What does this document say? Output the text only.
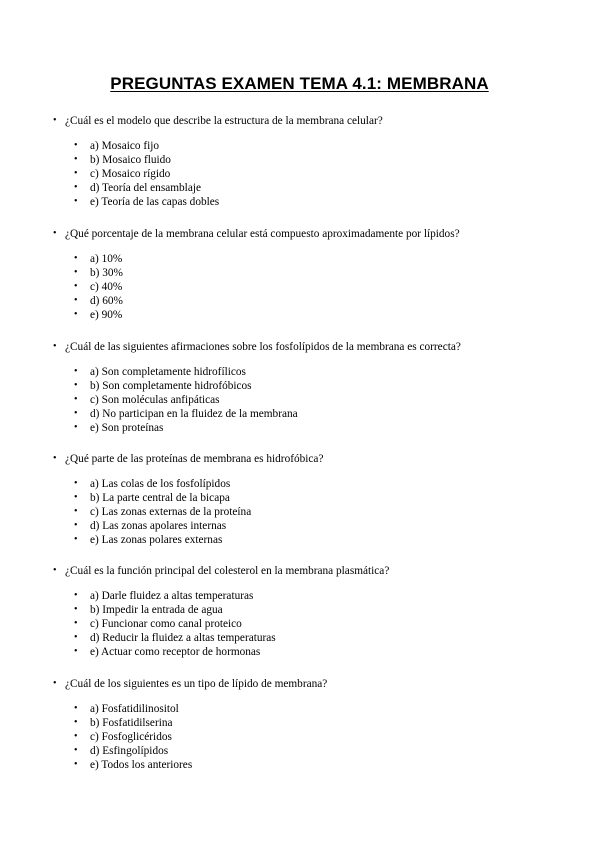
PREGUNTAS EXAMEN TEMA 4.1: MEMBRANA
• ¿Cuál es el modelo que describe la estructura de la membrana celular?
• a) Mosaico fijo
• b) Mosaico fluido
• c) Mosaico rígido
• d) Teoría del ensamblaje
• e) Teoría de las capas dobles
• ¿Qué porcentaje de la membrana celular está compuesto aproximadamente por lípidos?
• a) 10%
• b) 30%
• c) 40%
• d) 60%
• e) 90%
• ¿Cuál de las siguientes afirmaciones sobre los fosfolípidos de la membrana es correcta?
• a) Son completamente hidrofílicos
• b) Son completamente hidrofóbicos
• c) Son moléculas anfipáticas
• d) No participan en la fluidez de la membrana
• e) Son proteínas
• ¿Qué parte de las proteínas de membrana es hidrofóbica?
• a) Las colas de los fosfolípidos
• b) La parte central de la bicapa
• c) Las zonas externas de la proteína
• d) Las zonas apolares internas
• e) Las zonas polares externas
• ¿Cuál es la función principal del colesterol en la membrana plasmática?
• a) Darle fluidez a altas temperaturas
• b) Impedir la entrada de agua
• c) Funcionar como canal proteico
• d) Reducir la fluidez a altas temperaturas
• e) Actuar como receptor de hormonas
• ¿Cuál de los siguientes es un tipo de lípido de membrana?
• a) Fosfatidilinositol
• b) Fosfatidilserina
• c) Fosfoglicéridos
• d) Esfingolípidos
• e) Todos los anteriores
